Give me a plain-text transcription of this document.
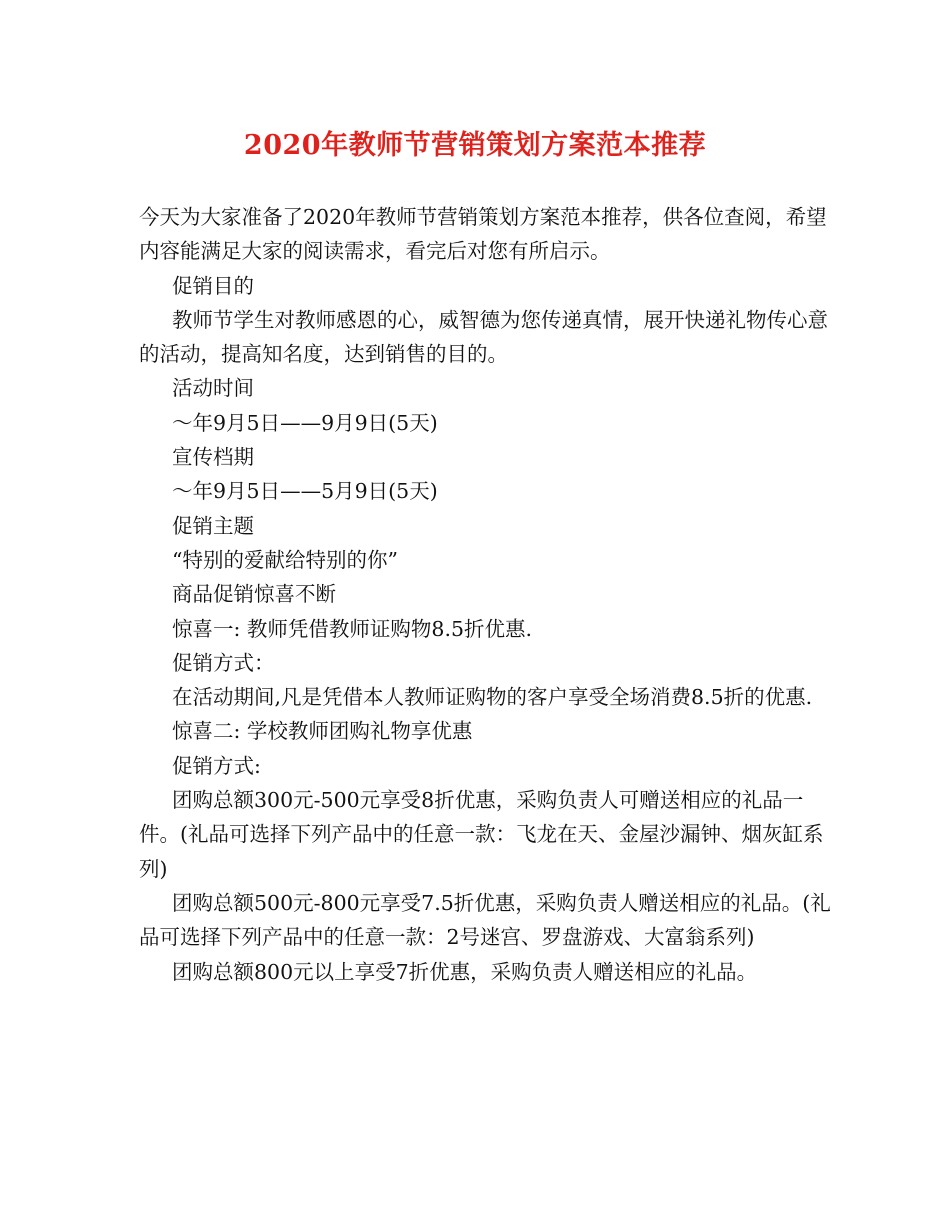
2020年教师节营销策划方案范本推荐

今天为大家准备了2020年教师节营销策划方案范本推荐，供各位查阅，希望内容能满足大家的阅读需求，看完后对您有所启示。

促销目的

教师节学生对教师感恩的心，威智德为您传递真情，展开快递礼物传心意的活动，提高知名度，达到销售的目的。

活动时间

～年9月5日——9月9日(5天)

宣传档期

～年9月5日——5月9日(5天)

促销主题

“特别的爱献给特别的你”

商品促销惊喜不断

惊喜一: 教师凭借教师证购物8.5折优惠.

促销方式：

在活动期间,凡是凭借本人教师证购物的客户享受全场消费8.5折的优惠.

惊喜二: 学校教师团购礼物享优惠

促销方式:

团购总额300元-500元享受8折优惠，采购负责人可赠送相应的礼品一件。(礼品可选择下列产品中的任意一款：飞龙在天、金屋沙漏钟、烟灰缸系列)

团购总额500元-800元享受7.5折优惠，采购负责人赠送相应的礼品。(礼品可选择下列产品中的任意一款：2号迷宫、罗盘游戏、大富翁系列)

团购总额800元以上享受7折优惠，采购负责人赠送相应的礼品。
